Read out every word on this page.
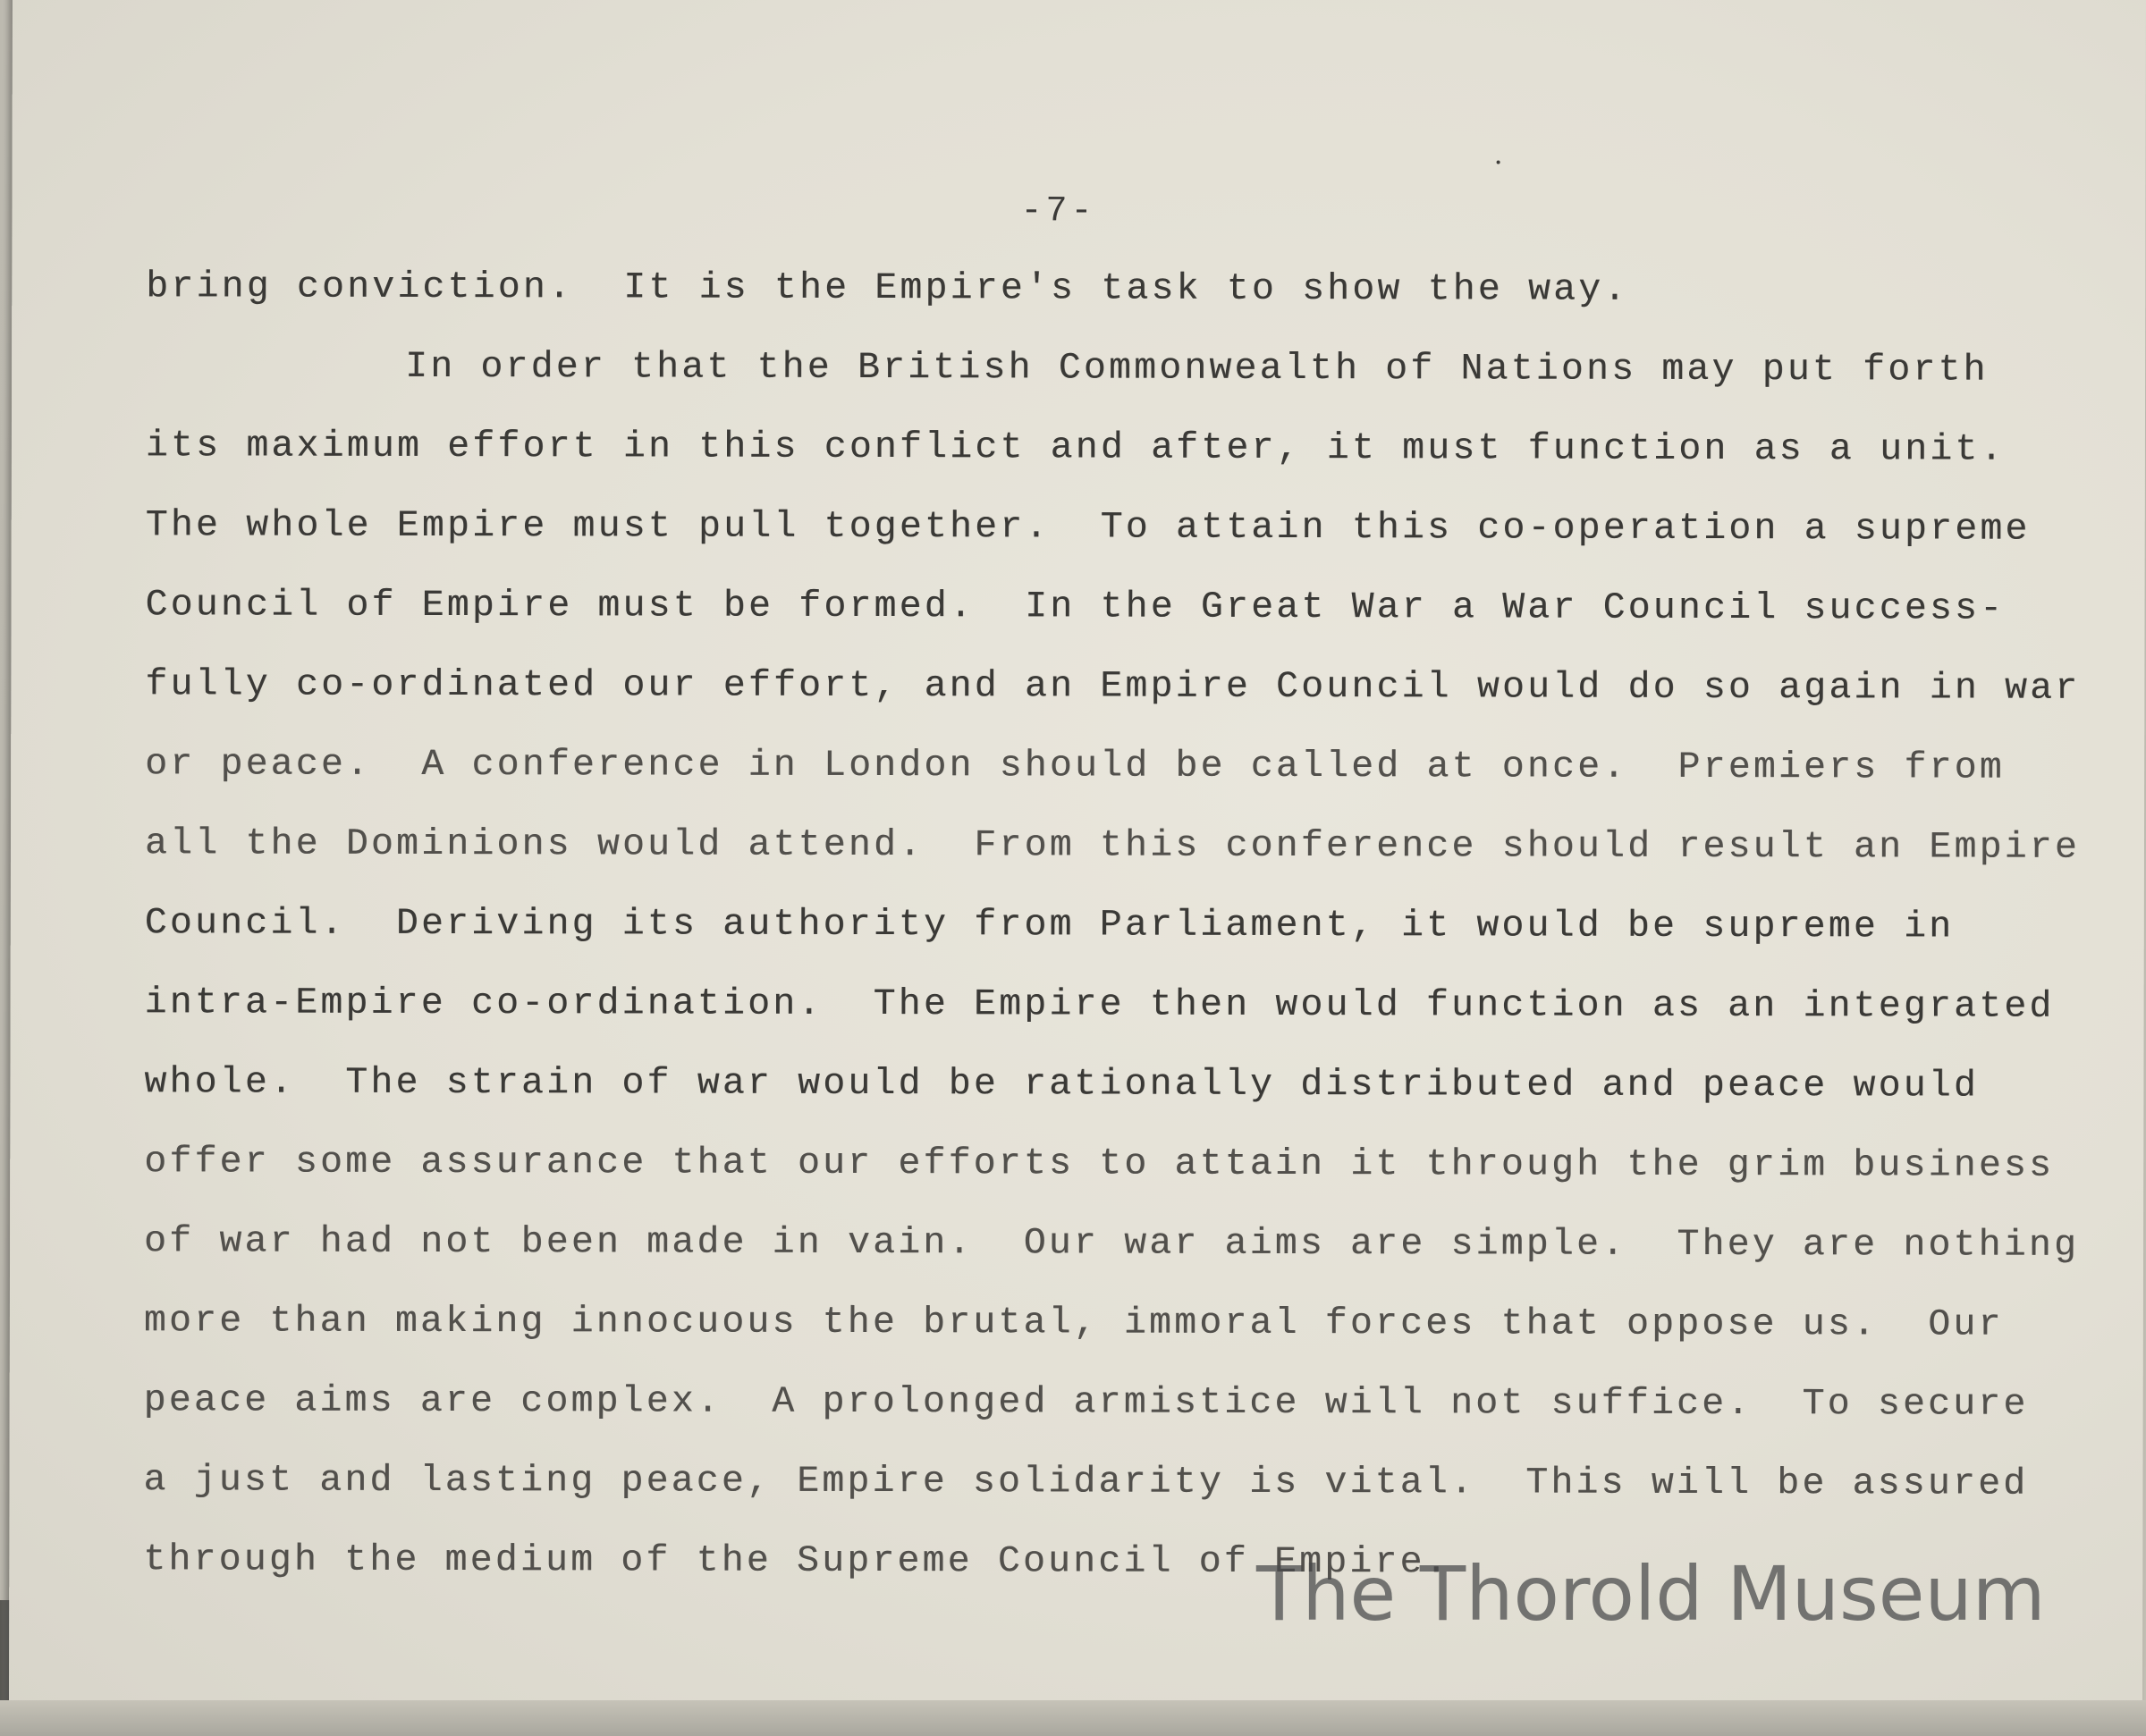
-7-
bring conviction.  It is the Empire's task to show the way.
In order that the British Commonwealth of Nations may put forth
its maximum effort in this conflict and after, it must function as a unit.
The whole Empire must pull together.  To attain this co-operation a supreme
Council of Empire must be formed.  In the Great War a War Council success-
fully co-ordinated our effort, and an Empire Council would do so again in war
or peace.  A conference in London should be called at once.  Premiers from
all the Dominions would attend.  From this conference should result an Empire
Council.  Deriving its authority from Parliament, it would be supreme in
intra-Empire co-ordination.  The Empire then would function as an integrated
whole.  The strain of war would be rationally distributed and peace would
offer some assurance that our efforts to attain it through the grim business
of war had not been made in vain.  Our war aims are simple.  They are nothing
more than making innocuous the brutal, immoral forces that oppose us.  Our
peace aims are complex.  A prolonged armistice will not suffice.  To secure
a just and lasting peace, Empire solidarity is vital.  This will be assured
through the medium of the Supreme Council of Empire.
The Thorold Museum
